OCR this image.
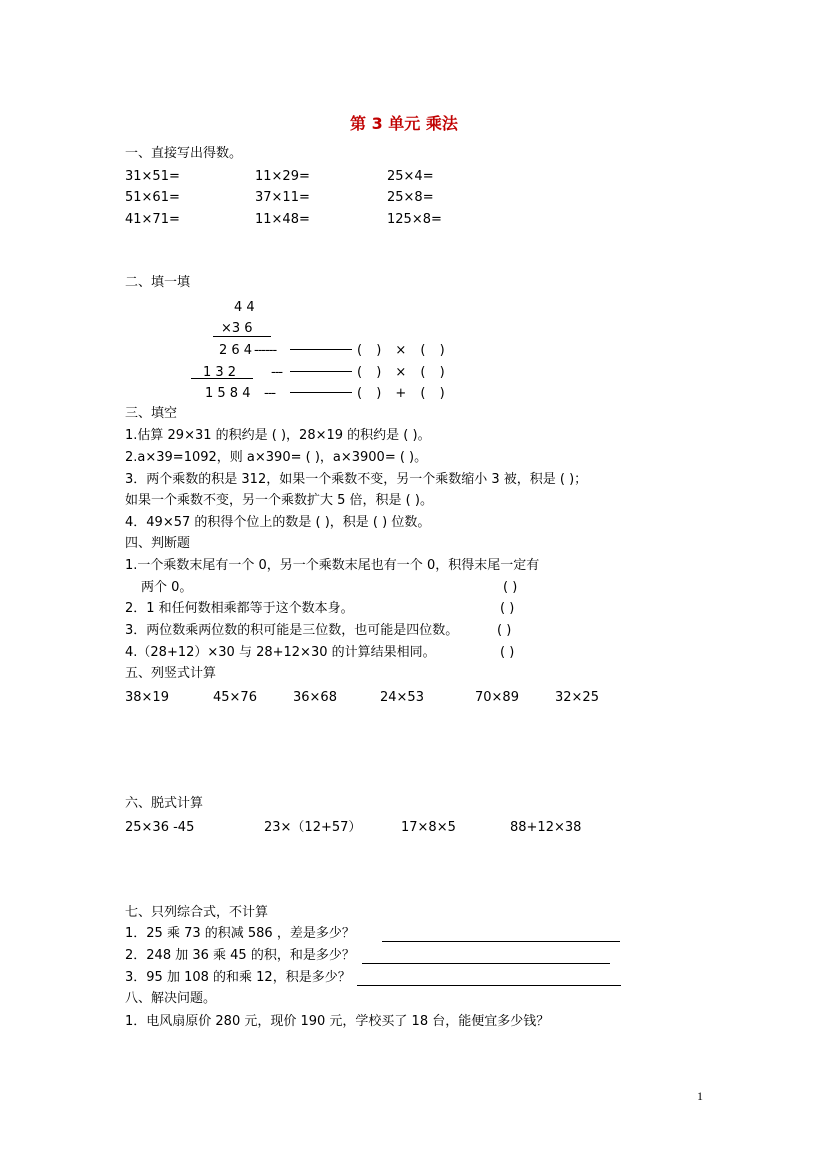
第 3 单元 乘法
一、直接写出得数。
31×51=	11×29=	25×4=
51×61=	37×11=	25×8=
41×71=	11×48=	125×8=
二、填一填
4 4
×3 6
2 6 4 ------	( ) × ( )
1 3 2	---	( ) × ( )
1 5 8 4 ---	( ) + ( )
三、填空
1.估算 29×31 的积约是 ( )，28×19 的积约是 ( )。
2.a×39=1092，则 a×390= ( )，a×3900= ( )。
3．两个乘数的积是 312，如果一个乘数不变，另一个乘数缩小 3 被，积是 ( )；
如果一个乘数不变，另一个乘数扩大 5 倍，积是 ( )。
4．49×57 的积得个位上的数是 ( )，积是 ( ) 位数。
四、判断题
1.一个乘数末尾有一个 0，另一个乘数末尾也有一个 0，积得末尾一定有
两个 0。	( )
2．1 和任何数相乘都等于这个数本身。	( )
3．两位数乘两位数的积可能是三位数，也可能是四位数。	( )
4.（28+12）×30 与 28+12×30 的计算结果相同。	( )
五、列竖式计算
38×19	45×76	36×68	24×53	70×89	32×25
六、脱式计算
25×36 -45	23×（12+57）	17×8×5	88+12×38
七、只列综合式，不计算
1．25 乘 73 的积减 586 ，差是多少？
2．248 加 36 乘 45 的积，和是多少？
3．95 加 108 的和乘 12，积是多少？
八、解决问题。
1．电风扇原价 280 元，现价 190 元，学校买了 18 台，能便宜多少钱？
1
